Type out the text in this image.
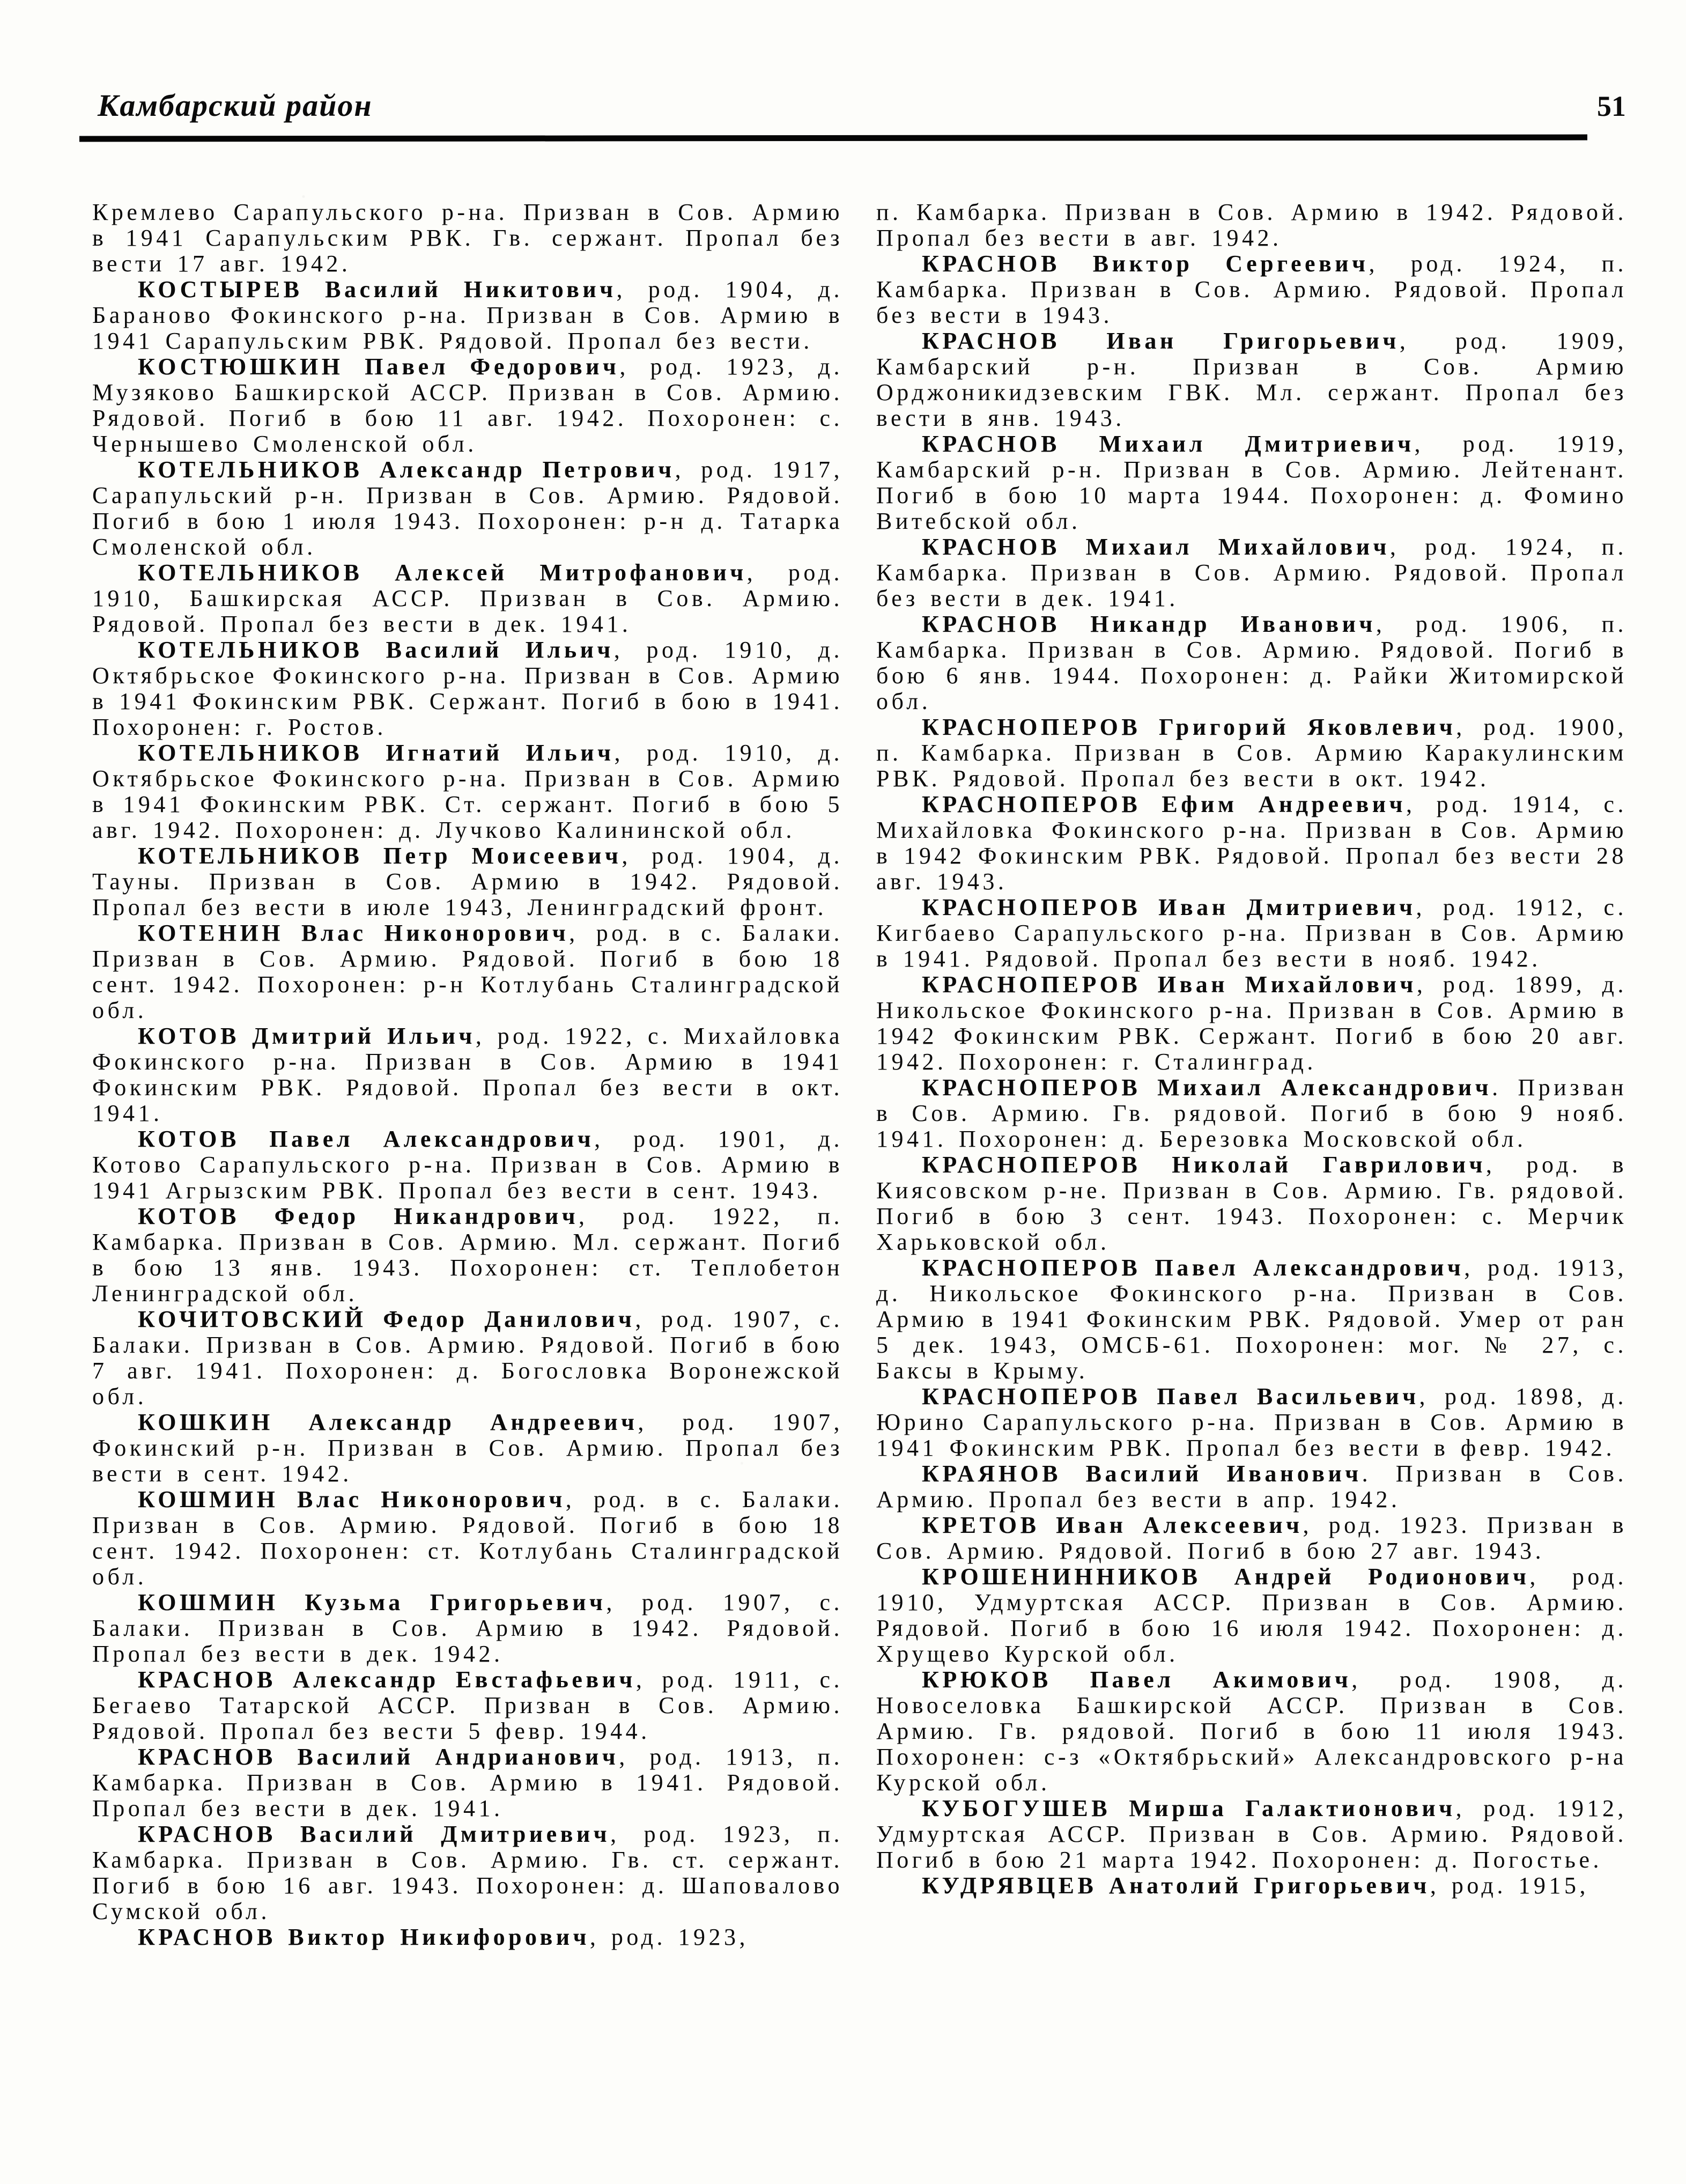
Камбарский район	51

Кремлево Сарапульского р-на. Призван в Сов. Армию в 1941 Сарапульским РВК. Гв. сержант. Пропал без вести 17 авг. 1942.

КОСТЫРЕВ Василий Никитович, род. 1904, д. Бараново Фокинского р-на. Призван в Сов. Армию в 1941 Сарапульским РВК. Рядовой. Пропал без вести.

КОСТЮШКИН Павел Федорович, род. 1923, д. Музяково Башкирской АССР. Призван в Сов. Армию. Рядовой. Погиб в бою 11 авг. 1942. Похоронен: с. Чернышево Смоленской обл.

КОТЕЛЬНИКОВ Александр Петрович, род. 1917, Сарапульский р-н. Призван в Сов. Армию. Рядовой. Погиб в бою 1 июля 1943. Похоронен: р-н д. Татарка Смоленской обл.

КОТЕЛЬНИКОВ Алексей Митрофанович, род. 1910, Башкирская АССР. Призван в Сов. Армию. Рядовой. Пропал без вести в дек. 1941.

КОТЕЛЬНИКОВ Василий Ильич, род. 1910, д. Октябрьское Фокинского р-на. Призван в Сов. Армию в 1941 Фокинским РВК. Сержант. Погиб в бою в 1941. Похоронен: г. Ростов.

КОТЕЛЬНИКОВ Игнатий Ильич, род. 1910, д. Октябрьское Фокинского р-на. Призван в Сов. Армию в 1941 Фокинским РВК. Ст. сержант. Погиб в бою 5 авг. 1942. Похоронен: д. Лучково Калининской обл.

КОТЕЛЬНИКОВ Петр Моисеевич, род. 1904, д. Тауны. Призван в Сов. Армию в 1942. Рядовой. Пропал без вести в июле 1943, Ленинградский фронт.

КОТЕНИН Влас Никонорович, род. в с. Балаки. Призван в Сов. Армию. Рядовой. Погиб в бою 18 сент. 1942. Похоронен: р-н Котлубань Сталинградской обл.

КОТОВ Дмитрий Ильич, род. 1922, с. Михайловка Фокинского р-на. Призван в Сов. Армию в 1941 Фокинским РВК. Рядовой. Пропал без вести в окт. 1941.

КОТОВ Павел Александрович, род. 1901, д. Котово Сарапульского р-на. Призван в Сов. Армию в 1941 Агрызским РВК. Пропал без вести в сент. 1943.

КОТОВ Федор Никандрович, род. 1922, п. Камбарка. Призван в Сов. Армию. Мл. сержант. Погиб в бою 13 янв. 1943. Похоронен: ст. Теплобетон Ленинградской обл.

КОЧИТОВСКИЙ Федор Данилович, род. 1907, с. Балаки. Призван в Сов. Армию. Рядовой. Погиб в бою 7 авг. 1941. Похоронен: д. Богословка Воронежской обл.

КОШКИН Александр Андреевич, род. 1907, Фокинский р-н. Призван в Сов. Армию. Пропал без вести в сент. 1942.

КОШМИН Влас Никонорович, род. в с. Балаки. Призван в Сов. Армию. Рядовой. Погиб в бою 18 сент. 1942. Похоронен: ст. Котлубань Сталинградской обл.

КОШМИН Кузьма Григорьевич, род. 1907, с. Балаки. Призван в Сов. Армию в 1942. Рядовой. Пропал без вести в дек. 1942.

КРАСНОВ Александр Евстафьевич, род. 1911, с. Бегаево Татарской АССР. Призван в Сов. Армию. Рядовой. Пропал без вести 5 февр. 1944.

КРАСНОВ Василий Андрианович, род. 1913, п. Камбарка. Призван в Сов. Армию в 1941. Рядовой. Пропал без вести в дек. 1941.

КРАСНОВ Василий Дмитриевич, род. 1923, п. Камбарка. Призван в Сов. Армию. Гв. ст. сержант. Погиб в бою 16 авг. 1943. Похоронен: д. Шаповалово Сумской обл.

КРАСНОВ Виктор Никифорович, род. 1923,

п. Камбарка. Призван в Сов. Армию в 1942. Рядовой. Пропал без вести в авг. 1942.

КРАСНОВ Виктор Сергеевич, род. 1924, п. Камбарка. Призван в Сов. Армию. Рядовой. Пропал без вести в 1943.

КРАСНОВ Иван Григорьевич, род. 1909, Камбарский р-н. Призван в Сов. Армию Орджоникидзевским ГВК. Мл. сержант. Пропал без вести в янв. 1943.

КРАСНОВ Михаил Дмитриевич, род. 1919, Камбарский р-н. Призван в Сов. Армию. Лейтенант. Погиб в бою 10 марта 1944. Похоронен: д. Фомино Витебской обл.

КРАСНОВ Михаил Михайлович, род. 1924, п. Камбарка. Призван в Сов. Армию. Рядовой. Пропал без вести в дек. 1941.

КРАСНОВ Никандр Иванович, род. 1906, п. Камбарка. Призван в Сов. Армию. Рядовой. Погиб в бою 6 янв. 1944. Похоронен: д. Райки Житомирской обл.

КРАСНОПЕРОВ Григорий Яковлевич, род. 1900, п. Камбарка. Призван в Сов. Армию Каракулинским РВК. Рядовой. Пропал без вести в окт. 1942.

КРАСНОПЕРОВ Ефим Андреевич, род. 1914, с. Михайловка Фокинского р-на. Призван в Сов. Армию в 1942 Фокинским РВК. Рядовой. Пропал без вести 28 авг. 1943.

КРАСНОПЕРОВ Иван Дмитриевич, род. 1912, с. Кигбаево Сарапульского р-на. Призван в Сов. Армию в 1941. Рядовой. Пропал без вести в нояб. 1942.

КРАСНОПЕРОВ Иван Михайлович, род. 1899, д. Никольское Фокинского р-на. Призван в Сов. Армию в 1942 Фокинским РВК. Сержант. Погиб в бою 20 авг. 1942. Похоронен: г. Сталинград.

КРАСНОПЕРОВ Михаил Александрович. Призван в Сов. Армию. Гв. рядовой. Погиб в бою 9 нояб. 1941. Похоронен: д. Березовка Московской обл.

КРАСНОПЕРОВ Николай Гаврилович, род. в Киясовском р-не. Призван в Сов. Армию. Гв. рядовой. Погиб в бою 3 сент. 1943. Похоронен: с. Мерчик Харьковской обл.

КРАСНОПЕРОВ Павел Александрович, род. 1913, д. Никольское Фокинского р-на. Призван в Сов. Армию в 1941 Фокинским РВК. Рядовой. Умер от ран 5 дек. 1943, ОМСБ-61. Похоронен: мог. № 27, с. Баксы в Крыму.

КРАСНОПЕРОВ Павел Васильевич, род. 1898, д. Юрино Сарапульского р-на. Призван в Сов. Армию в 1941 Фокинским РВК. Пропал без вести в февр. 1942.

КРАЯНОВ Василий Иванович. Призван в Сов. Армию. Пропал без вести в апр. 1942.

КРЕТОВ Иван Алексеевич, род. 1923. Призван в Сов. Армию. Рядовой. Погиб в бою 27 авг. 1943.

КРОШЕНИННИКОВ Андрей Родионович, род. 1910, Удмуртская АССР. Призван в Сов. Армию. Рядовой. Погиб в бою 16 июля 1942. Похоронен: д. Хрущево Курской обл.

КРЮКОВ Павел Акимович, род. 1908, д. Новоселовка Башкирской АССР. Призван в Сов. Армию. Гв. рядовой. Погиб в бою 11 июля 1943. Похоронен: с-з «Октябрьский» Александровского р-на Курской обл.

КУБОГУШЕВ Мирша Галактионович, род. 1912, Удмуртская АССР. Призван в Сов. Армию. Рядовой. Погиб в бою 21 марта 1942. Похоронен: д. Погостье.

КУДРЯВЦЕВ Анатолий Григорьевич, род. 1915,
